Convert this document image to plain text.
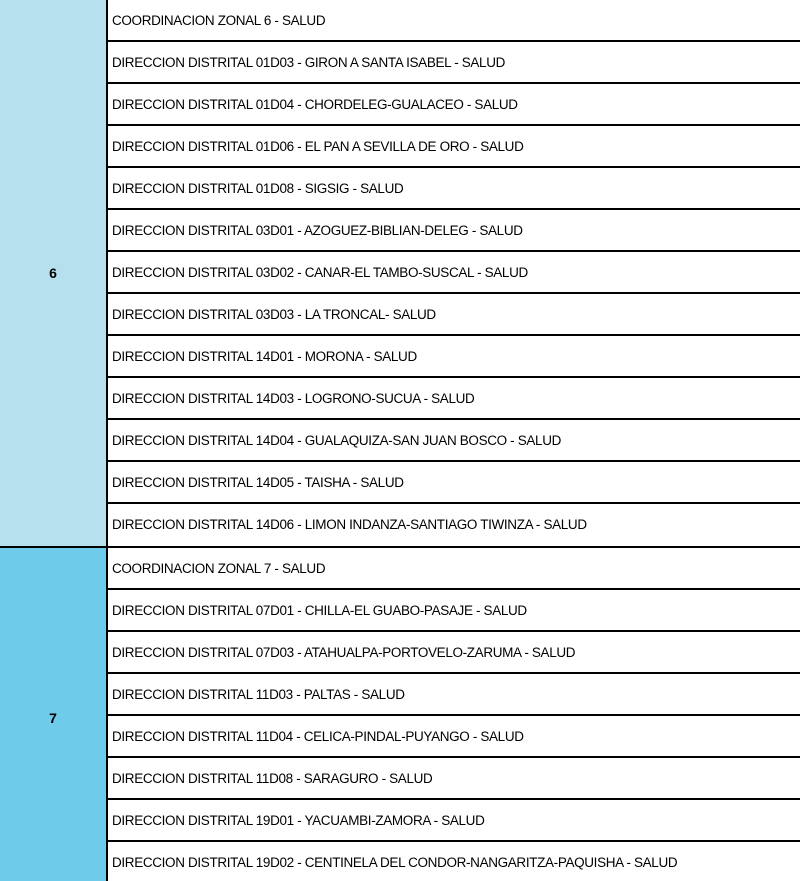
6
COORDINACION ZONAL 6 - SALUD
DIRECCION DISTRITAL 01D03 - GIRON A SANTA ISABEL - SALUD
DIRECCION DISTRITAL 01D04 - CHORDELEG-GUALACEO - SALUD
DIRECCION DISTRITAL 01D06 - EL PAN A SEVILLA DE ORO - SALUD
DIRECCION DISTRITAL 01D08 - SIGSIG - SALUD
DIRECCION DISTRITAL 03D01 - AZOGUEZ-BIBLIAN-DELEG - SALUD
DIRECCION DISTRITAL 03D02 - CANAR-EL TAMBO-SUSCAL - SALUD
DIRECCION DISTRITAL 03D03 - LA TRONCAL- SALUD
DIRECCION DISTRITAL 14D01 - MORONA - SALUD
DIRECCION DISTRITAL 14D03 - LOGRONO-SUCUA - SALUD
DIRECCION DISTRITAL 14D04 - GUALAQUIZA-SAN JUAN BOSCO - SALUD
DIRECCION DISTRITAL 14D05 - TAISHA - SALUD
DIRECCION DISTRITAL 14D06 - LIMON INDANZA-SANTIAGO TIWINZA - SALUD
7
COORDINACION ZONAL 7 - SALUD
DIRECCION DISTRITAL 07D01 - CHILLA-EL GUABO-PASAJE - SALUD
DIRECCION DISTRITAL 07D03 - ATAHUALPA-PORTOVELO-ZARUMA - SALUD
DIRECCION DISTRITAL 11D03 - PALTAS - SALUD
DIRECCION DISTRITAL 11D04 - CELICA-PINDAL-PUYANGO - SALUD
DIRECCION DISTRITAL 11D08 - SARAGURO - SALUD
DIRECCION DISTRITAL 19D01 - YACUAMBI-ZAMORA - SALUD
DIRECCION DISTRITAL 19D02 - CENTINELA DEL CONDOR-NANGARITZA-PAQUISHA - SALUD
